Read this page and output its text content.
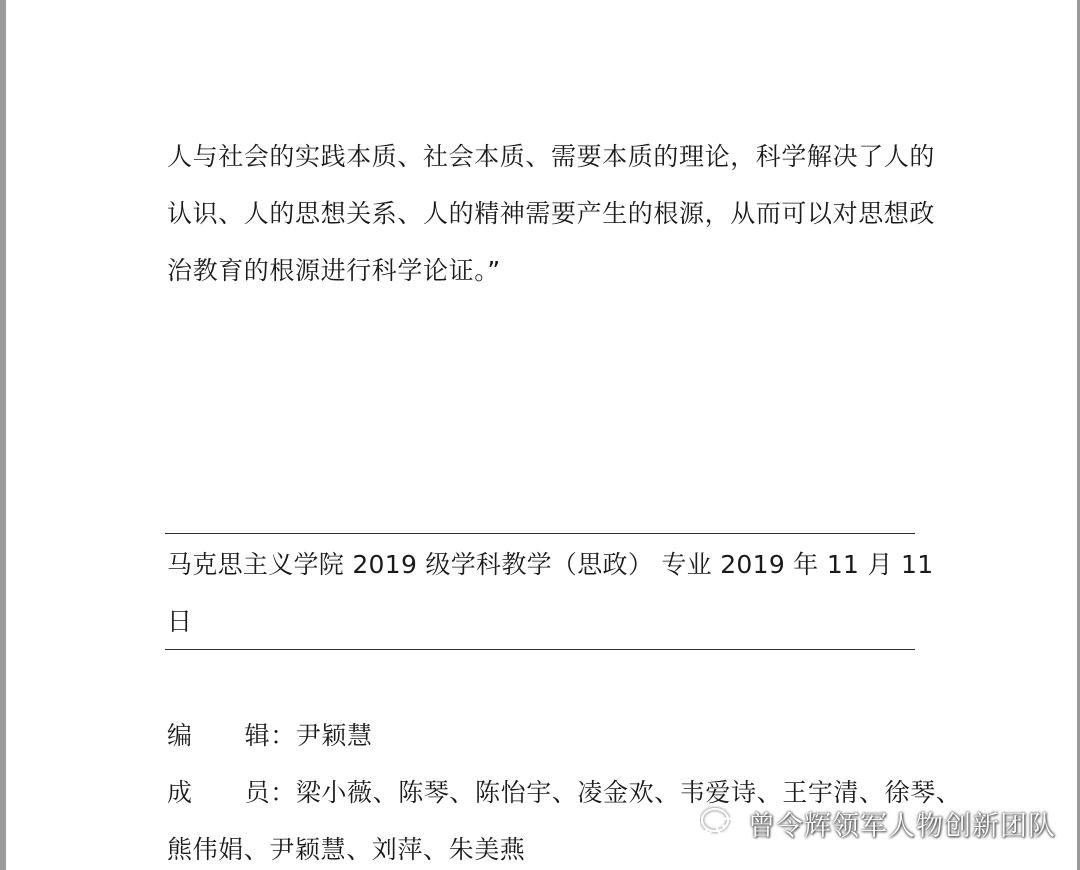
人与社会的实践本质、社会本质、需要本质的理论，科学解决了人的
认识、人的思想关系、人的精神需要产生的根源，从而可以对思想政
治教育的根源进行科学论证。”
马克思主义学院 2019 级学科教学（思政） 专业 2019 年 11 月 11
日
编 辑：尹颖慧
成 员：梁小薇、陈琴、陈怡宇、凌金欢、韦爱诗、王宇清、徐琴、
熊伟娟、尹颖慧、刘萍、朱美燕
曾令辉领军人物创新团队
